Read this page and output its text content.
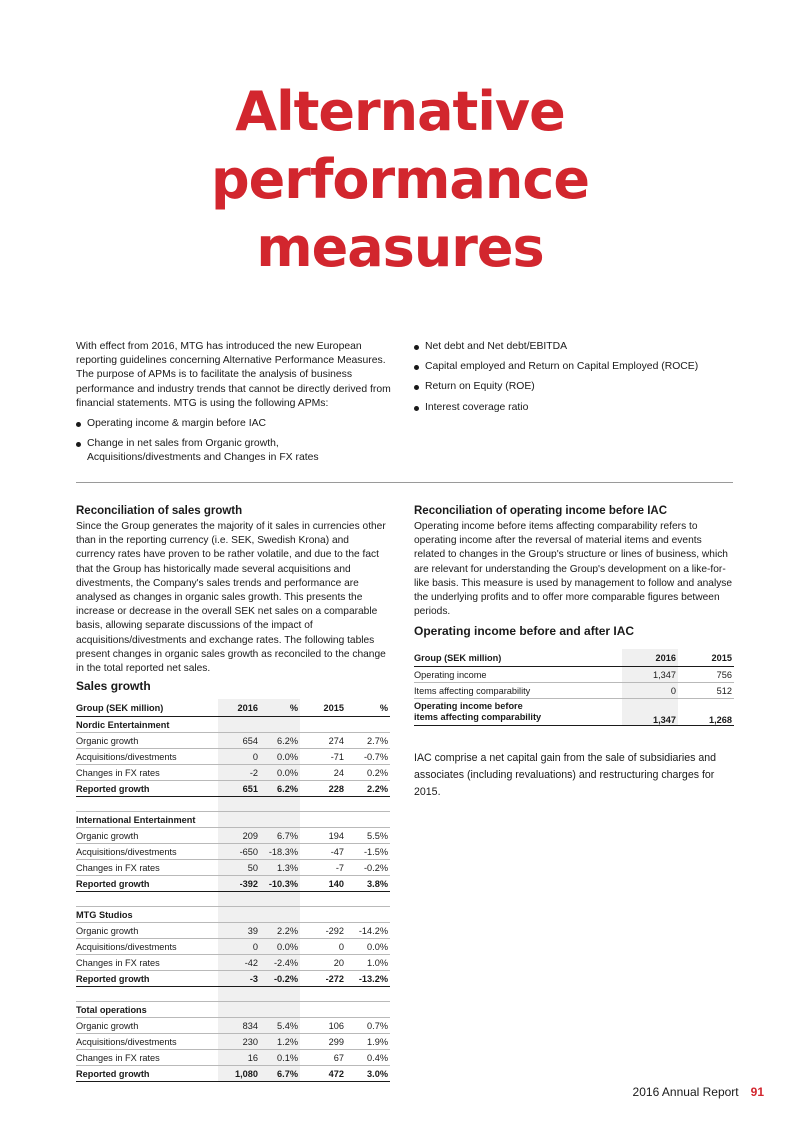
Alternative
performance
measures

With effect from 2016, MTG has introduced the new European reporting guidelines concerning Alternative Performance Measures. The purpose of APMs is to facilitate the analysis of business performance and industry trends that cannot be directly derived from financial statements. MTG is using the following APMs:

Operating income & margin before IAC
Change in net sales from Organic growth, Acquisitions/divestments and Changes in FX rates
Net debt and Net debt/EBITDA
Capital employed and Return on Capital Employed (ROCE)
Return on Equity (ROE)
Interest coverage ratio
Reconciliation of sales growth

Since the Group generates the majority of it sales in currencies other than in the reporting currency (i.e. SEK, Swedish Krona) and currency rates have proven to be rather volatile, and due to the fact that the Group has historically made several acquisitions and divestments, the Company's sales trends and performance are analysed as changes in organic sales growth. This presents the increase or decrease in the overall SEK net sales on a comparable basis, allowing separate discussions of the impact of acquisitions/divestments and exchange rates. The following tables present changes in organic sales growth as reconciled to the change in the total reported net sales.

Sales growth
Group (SEK million)	2016	%	2015	%
Nordic Entertainment				
Organic growth	654	6.2%	274	2.7%
Acquisitions/divestments	0	0.0%	-71	-0.7%
Changes in FX rates	-2	0.0%	24	0.2%
Reported growth	651	6.2%	228	2.2%

International Entertainment				
Organic growth	209	6.7%	194	5.5%
Acquisitions/divestments	-650	-18.3%	-47	-1.5%
Changes in FX rates	50	1.3%	-7	-0.2%
Reported growth	-392	-10.3%	140	3.8%

MTG Studios				
Organic growth	39	2.2%	-292	-14.2%
Acquisitions/divestments	0	0.0%	0	0.0%
Changes in FX rates	-42	-2.4%	20	1.0%
Reported growth	-3	-0.2%	-272	-13.2%

Total operations				
Organic growth	834	5.4%	106	0.7%
Acquisitions/divestments	230	1.2%	299	1.9%
Changes in FX rates	16	0.1%	67	0.4%
Reported growth	1,080	6.7%	472	3.0%
Reconciliation of operating income before IAC

Operating income before items affecting comparability refers to operating income after the reversal of material items and events related to changes in the Group's structure or lines of business, which are relevant for understanding the Group's development on a like-for-like basis. This measure is used by management to follow and analyse the underlying profits and to offer more comparable figures between periods.

Operating income before and after IAC
Group (SEK million)	2016	2015
Operating income	1,347	756
Items affecting comparability	0	512
Operating income before
items affecting comparability	1,347	1,268
IAC comprise a net capital gain from the sale of subsidiaries and associates (including revaluations) and restructuring charges for 2015.
2016 Annual Report 91
